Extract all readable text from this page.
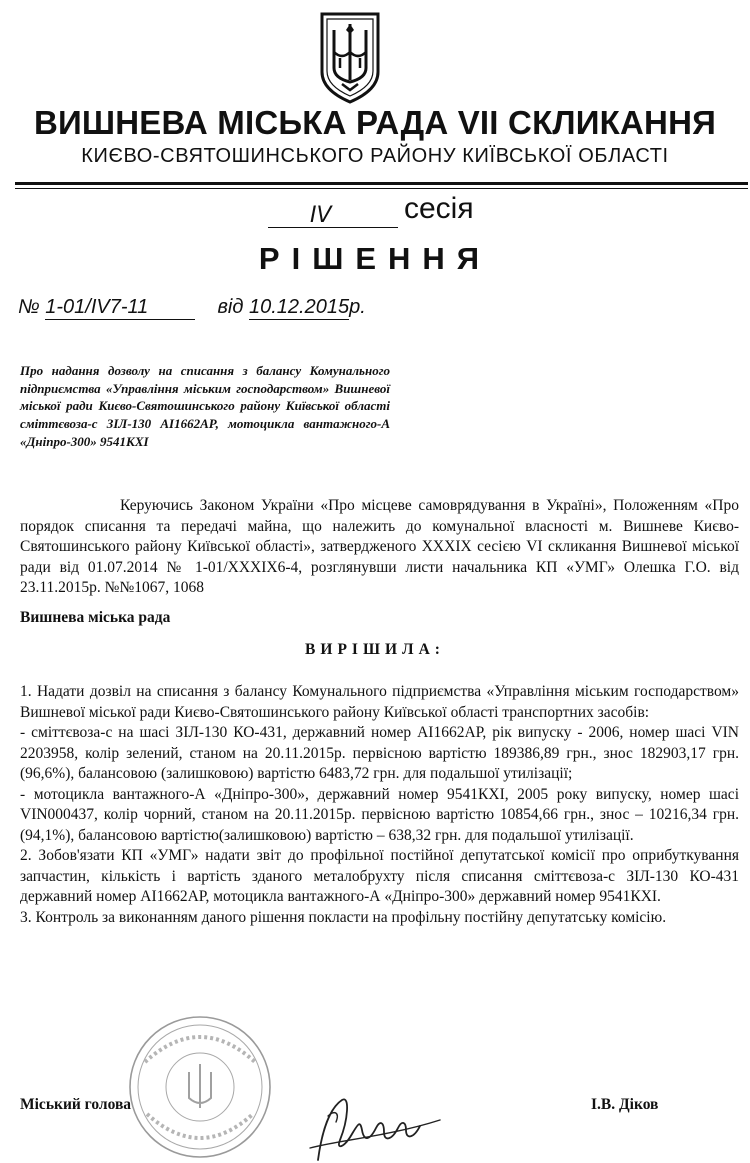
ВИШНЕВА МІСЬКА РАДА VII СКЛИКАННЯ
КИЄВО-СВЯТОШИНСЬКОГО РАЙОНУ КИЇВСЬКОЇ ОБЛАСТІ
IV сесія
РІШЕННЯ
№ 1-01/IV7-11	від 10.12.2015р.
Про надання дозволу на списання з балансу Комунального підприємства «Управління міським господарством» Вишневої міської ради Києво-Святошинського району Київської області сміттєвоза-с ЗІЛ-130 АІ1662АР, мотоцикла вантажного-А «Дніпро-300» 9541КХІ

Керуючись Законом України «Про місцеве самоврядування в Україні», Положенням «Про порядок списання та передачі майна, що належить до комунальної власності м. Вишневе Києво-Святошинського району Київської області», затвердженого XXXIX сесією VI скликання Вишневої міської ради від 01.07.2014 № 1-01/XXXIX6-4, розглянувши листи начальника КП «УМГ» Олешка Г.О. від 23.11.2015р. №№1067, 1068

Вишнева міська рада
ВИРІШИЛА:

1. Надати дозвіл на списання з балансу Комунального підприємства «Управління міським господарством» Вишневої міської ради Києво-Святошинського району Київської області транспортних засобів:

- сміттєвоза-с на шасі ЗІЛ-130 КО-431, державний номер АІ1662АР, рік випуску - 2006, номер шасі VIN 2203958, колір зелений, станом на 20.11.2015р. первісною вартістю 189386,89 грн., знос 182903,17 грн. (96,6%), балансовою (залишковою) вартістю 6483,72 грн. для подальшої утилізації;

- мотоцикла вантажного-А «Дніпро-300», державний номер 9541КХІ, 2005 року випуску, номер шасі VIN000437, колір чорний, станом на 20.11.2015р. первісною вартістю 10854,66 грн., знос – 10216,34 грн.(94,1%), балансовою вартістю(залишковою) вартістю – 638,32 грн. для подальшої утилізації.

2. Зобов'язати КП «УМГ» надати звіт до профільної постійної депутатської комісії про оприбуткування запчастин, кількість і вартість зданого металобрухту після списання сміттєвоза-с ЗІЛ-130 КО-431 державний номер АІ1662АР, мотоцикла вантажного-А «Дніпро-300» державний номер 9541КХІ.

3. Контроль за виконанням даного рішення покласти на профільну постійну депутатську комісію.

Міський голова	І.В. Діков
